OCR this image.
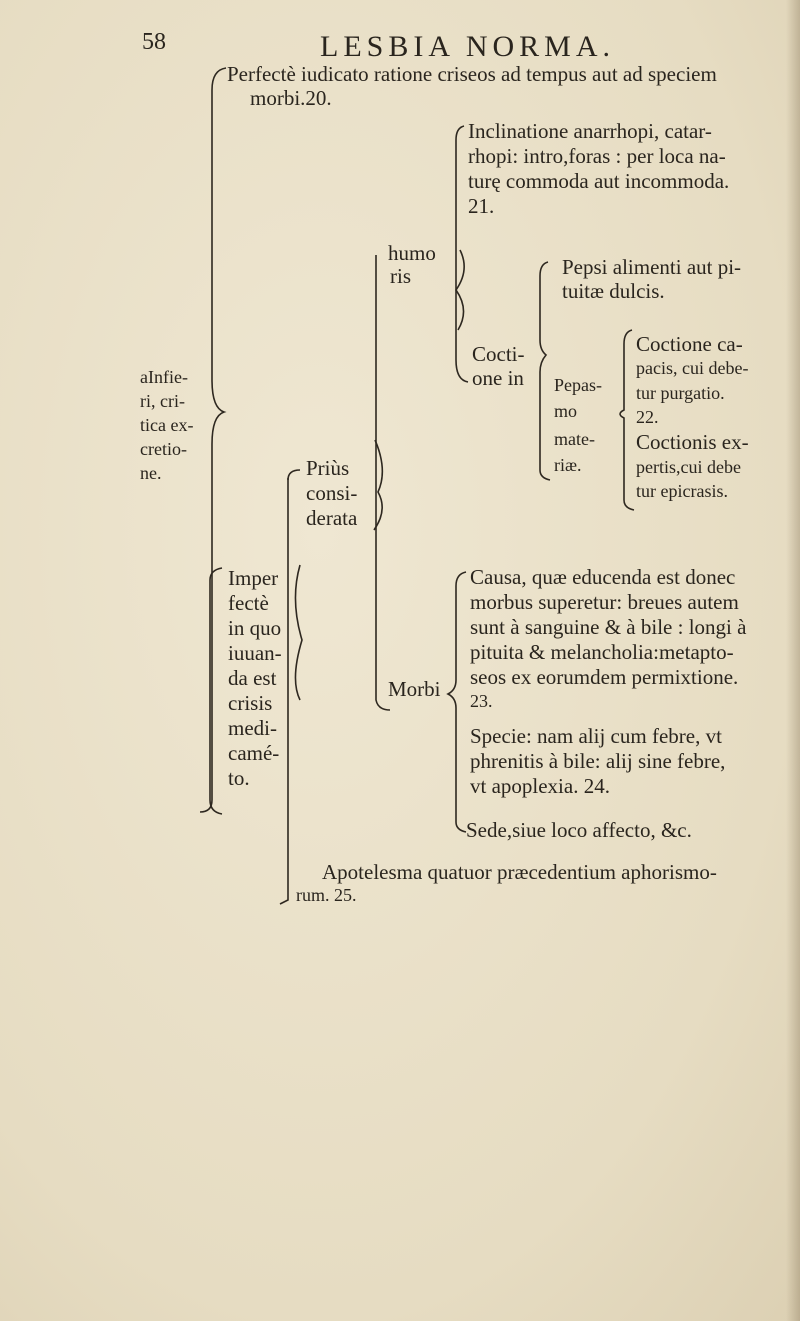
58	LESBIA NORMA.
Perfectè iudicato ratione criseos ad tempus aut ad speciem
morbi.20.
aInfie-
ri, cri-
tica ex-
cretio-
ne.
Imper
fectè
in quo
iuuan-
da est
crisis
medi-
camé-
to.
Priùs
consi-
derata
humo
ris
Inclinatione anarrhopi, catar-
rhopi: intro,foras : per loca na-
turę commoda aut incommoda.
21.
Cocti-
one in
Pepsi alimenti aut pi-
tuitæ dulcis.
Pepas-
mo
mate-
riæ.
Coctione ca-
pacis, cui debe-
tur purgatio.
22.
Coctionis ex-
pertis,cui debe
tur epicrasis.
Morbi
Causa, quæ educenda est donec
morbus superetur: breues autem
sunt à sanguine & à bile : longi à
pituita & melancholia:metapto-
seos ex eorumdem permixtione.
23.
Specie: nam alij cum febre, vt
phrenitis à bile: alij sine febre,
vt apoplexia. 24.
Sede,siue loco affecto, &c.
Apotelesma quatuor præcedentium aphorismo-
rum. 25.
